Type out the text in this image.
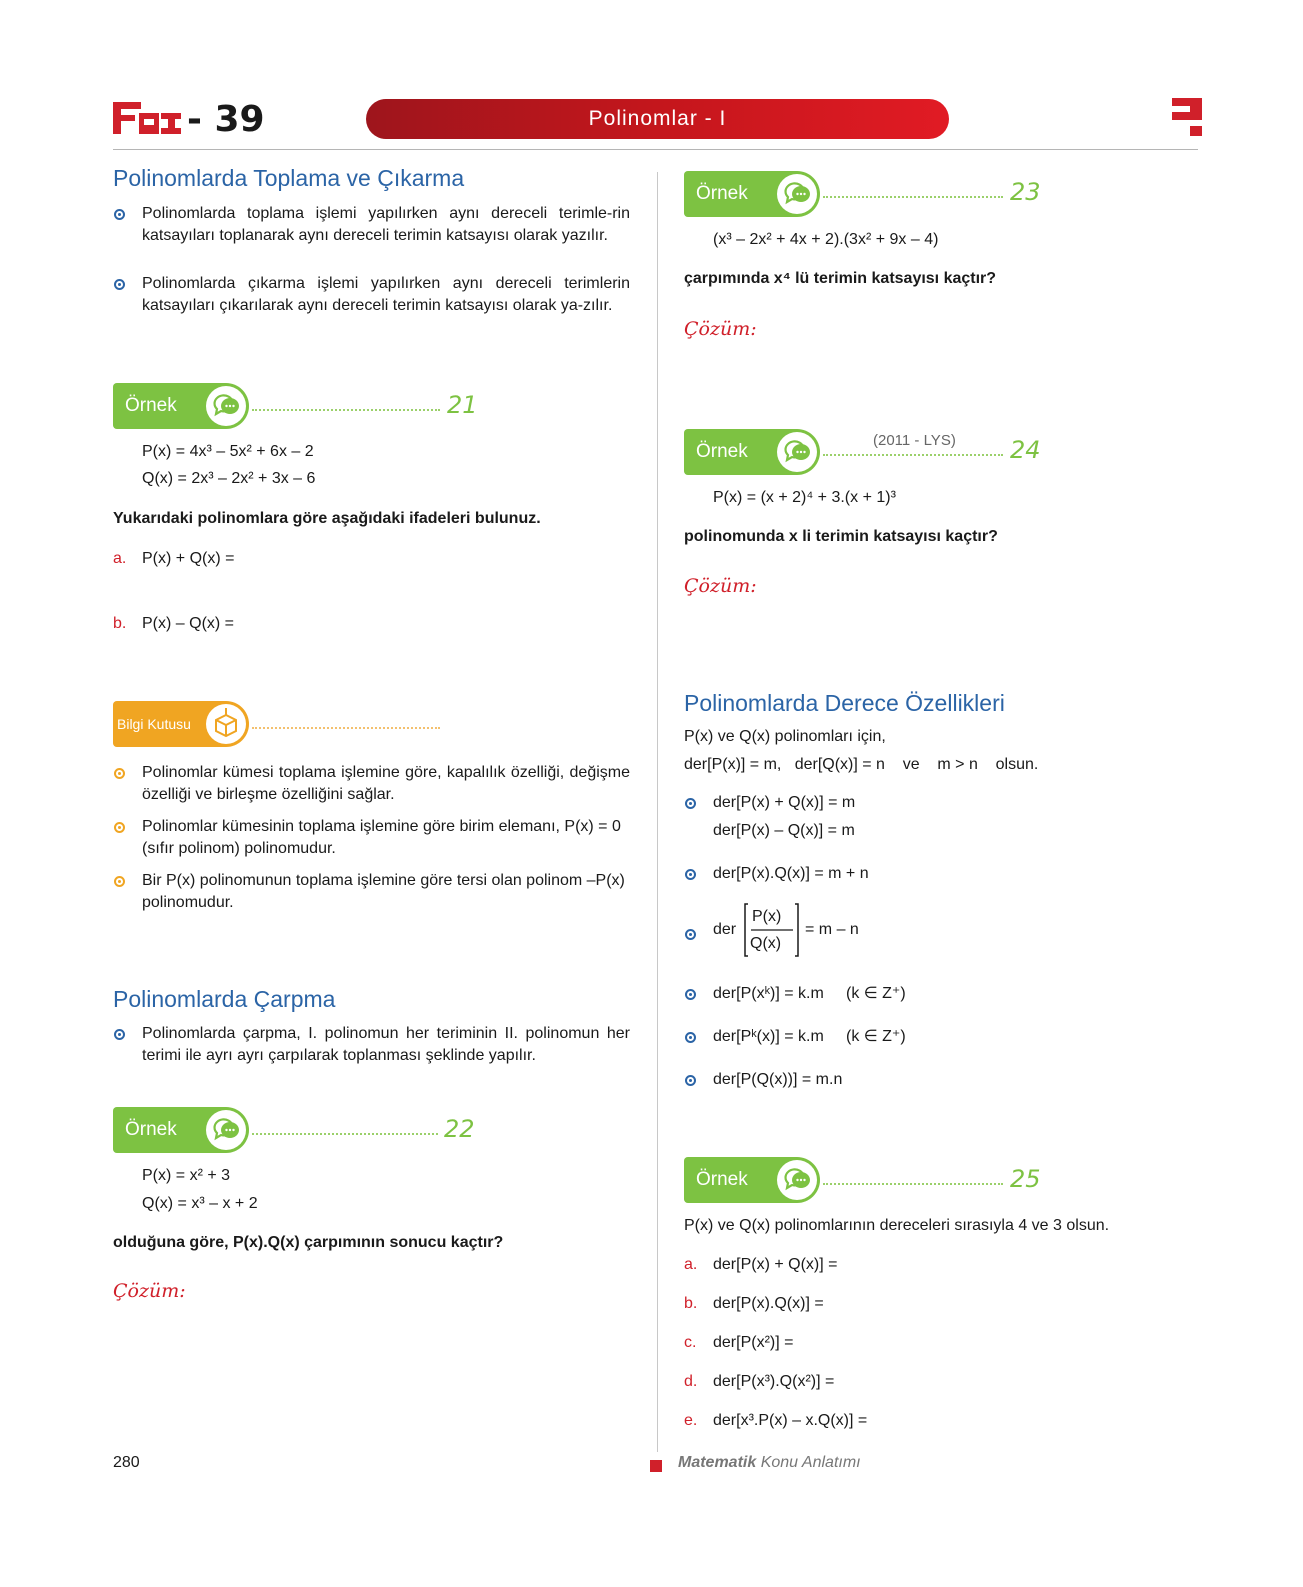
- 39	Polinomlar - I
Polinomlarda Toplama ve Çıkarma
Polinomlarda toplama işlemi yapılırken aynı dereceli terimle-rin katsayıları toplanarak aynı dereceli terimin katsayısı olarak yazılır.
Polinomlarda çıkarma işlemi yapılırken aynı dereceli terimlerin katsayıları çıkarılarak aynı dereceli terimin katsayısı olarak ya-zılır.
Örnek	21
P(x) = 4x³ – 5x² + 6x – 2
Q(x) = 2x³ – 2x² + 3x – 6
Yukarıdaki polinomlara göre aşağıdaki ifadeleri bulunuz.
a. P(x) + Q(x) =
b. P(x) – Q(x) =
Bilgi Kutusu
Polinomlar kümesi toplama işlemine göre, kapalılık özelliği, değişme özelliği ve birleşme özelliğini sağlar.
Polinomlar kümesinin toplama işlemine göre birim elemanı, P(x) = 0 (sıfır polinom) polinomudur.
Bir P(x) polinomunun toplama işlemine göre tersi olan polinom –P(x) polinomudur.
Polinomlarda Çarpma
Polinomlarda çarpma, I. polinomun her teriminin II. polinomun her terimi ile ayrı ayrı çarpılarak toplanması şeklinde yapılır.
Örnek	22
P(x) = x² + 3
Q(x) = x³ – x + 2
olduğuna göre, P(x).Q(x) çarpımının sonucu kaçtır?
Çözüm:
Örnek	23
(x³ – 2x² + 4x + 2).(3x² + 9x – 4)
çarpımında x⁴ lü terimin katsayısı kaçtır?
Çözüm:
Örnek
(2011 - LYS) 24
P(x) = (x + 2)⁴ + 3.(x + 1)³
polinomunda x li terimin katsayısı kaçtır?
Çözüm:
Polinomlarda Derece Özellikleri
P(x) ve Q(x) polinomları için,
der[P(x)] = m,   der[Q(x)] = n    ve    m > n    olsun.
der[P(x) + Q(x)] = m
der[P(x) – Q(x)] = m
der[P(x).Q(x)] = m + n
der
P(x)
Q(x)
= m – n
der[P(xᵏ)] = k.m     (k ∈ Z⁺)
der[Pᵏ(x)] = k.m     (k ∈ Z⁺)
der[P(Q(x))] = m.n
Örnek	25
P(x) ve Q(x) polinomlarının dereceleri sırasıyla 4 ve 3 olsun.
a. der[P(x) + Q(x)] =
b. der[P(x).Q(x)] =
c. der[P(x²)] =
d. der[P(x³).Q(x²)] =
e. der[x³.P(x) – x.Q(x)] =
280	Matematik Konu Anlatımı
